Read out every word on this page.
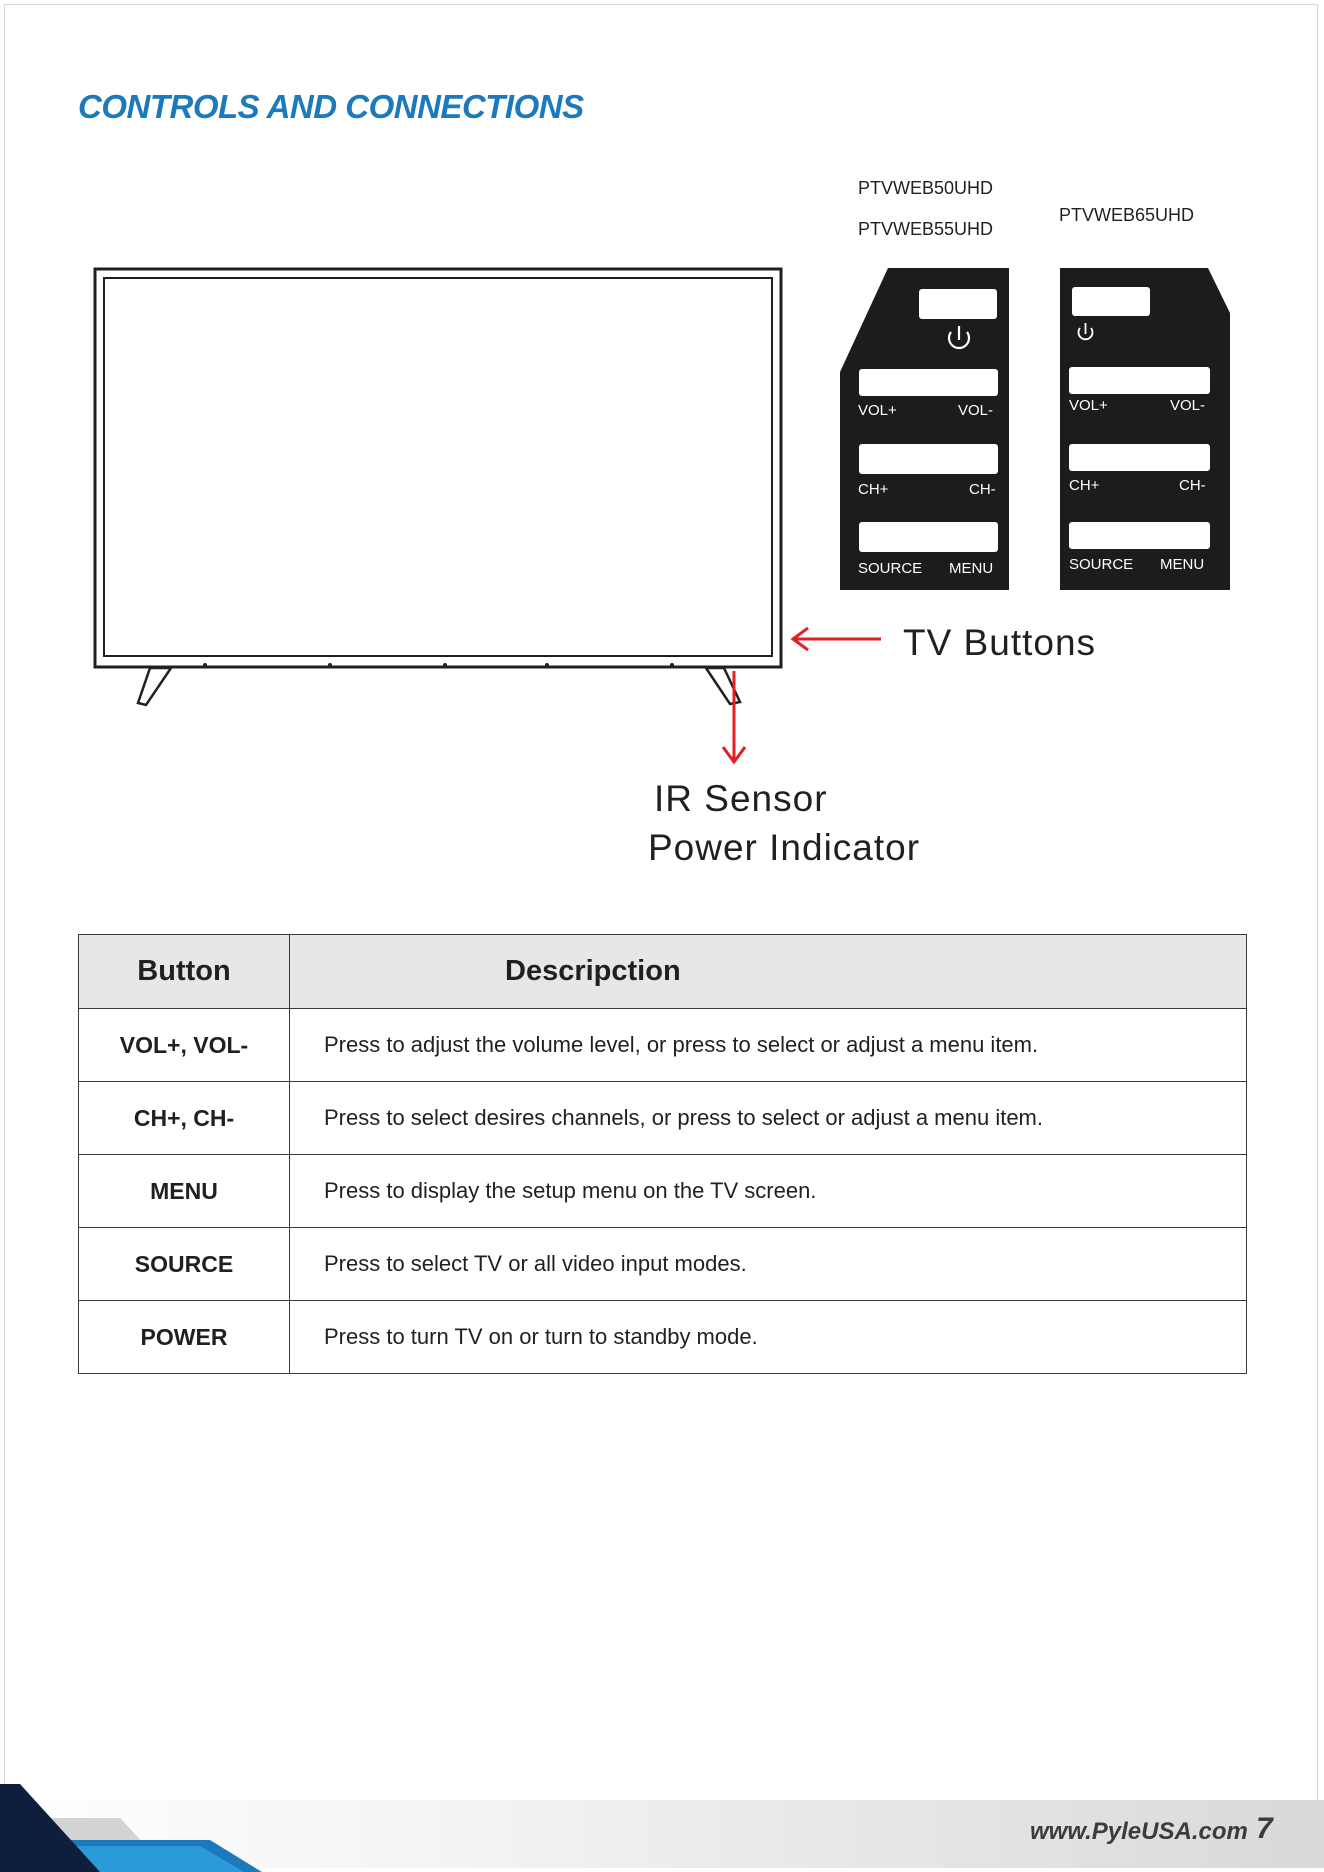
CONTROLS AND CONNECTIONS
PTVWEB50UHD
PTVWEB55UHD
PTVWEB65UHD
VOL+	VOL-
CH+	CH-
SOURCE MENU
VOL+	VOL-
CH+	CH-
SOURCE MENU
TV Buttons
IR Sensor
Power Indicator
Button	Descripction
VOL+, VOL-	Press to adjust the volume level, or press to select or adjust a menu item.
CH+, CH-	Press to select desires channels, or press to select or adjust a menu item.
MENU	Press to display the setup menu on the TV screen.
SOURCE	Press to select TV or all video input modes.
POWER	Press to turn TV on or turn to standby mode.
www.PyleUSA.com 7
